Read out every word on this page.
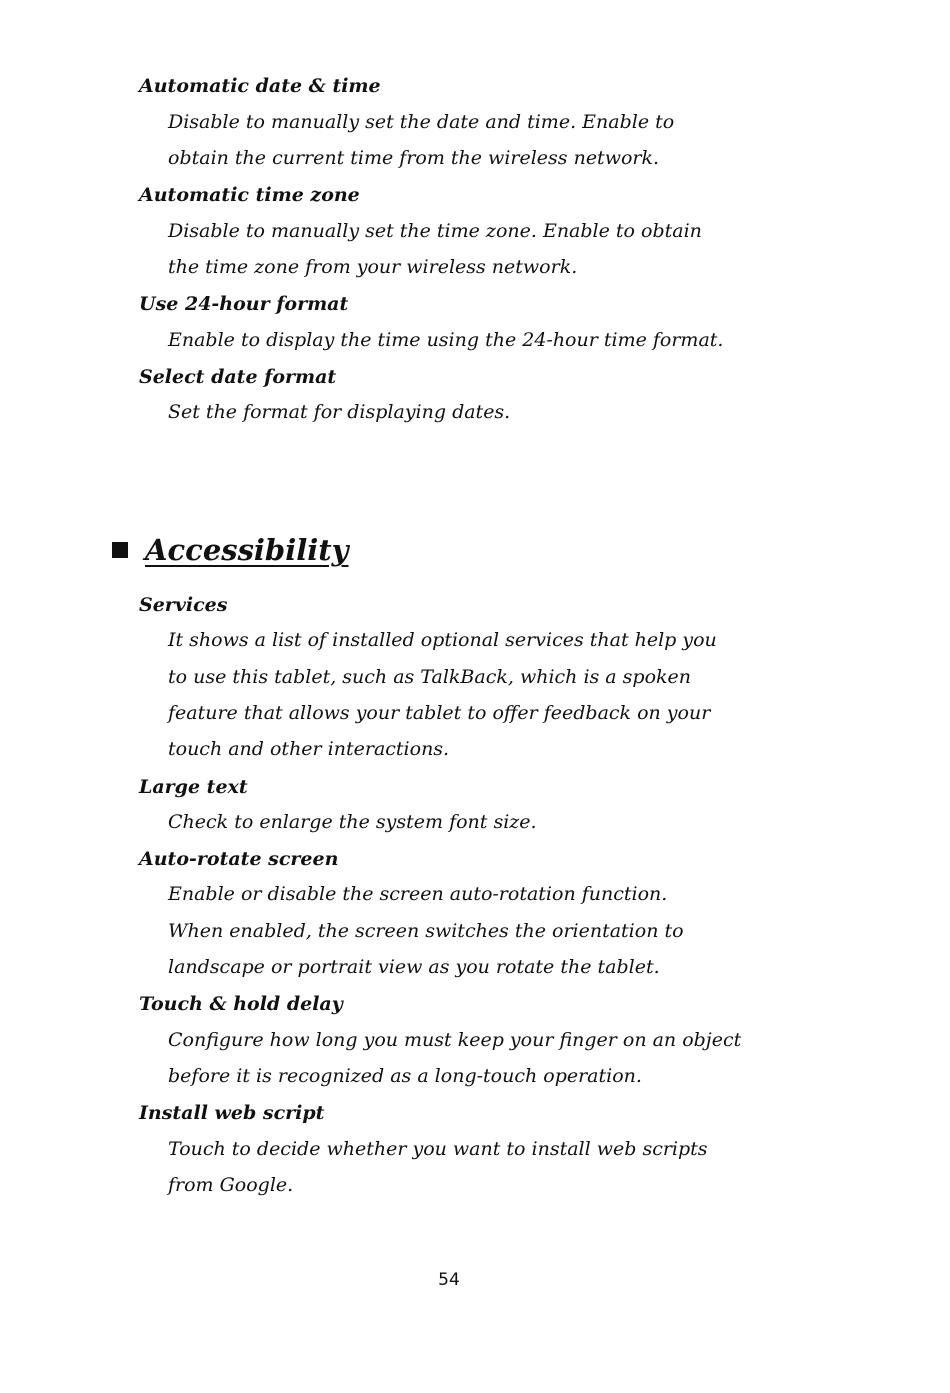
Automatic date & time

Disable to manually set the date and time. Enable to

obtain the current time from the wireless network.

Automatic time zone

Disable to manually set the time zone. Enable to obtain

the time zone from your wireless network.

Use 24-hour format

Enable to display the time using the 24-hour time format.

Select date format

Set the format for displaying dates.

Accessibility

Services

It shows a list of installed optional services that help you

to use this tablet, such as TalkBack, which is a spoken

feature that allows your tablet to offer feedback on your

touch and other interactions.

Large text

Check to enlarge the system font size.

Auto-rotate screen

Enable or disable the screen auto-rotation function.

When enabled, the screen switches the orientation to

landscape or portrait view as you rotate the tablet.

Touch & hold delay

Configure how long you must keep your finger on an object

before it is recognized as a long-touch operation.

Install web script

Touch to decide whether you want to install web scripts

from Google.

54
